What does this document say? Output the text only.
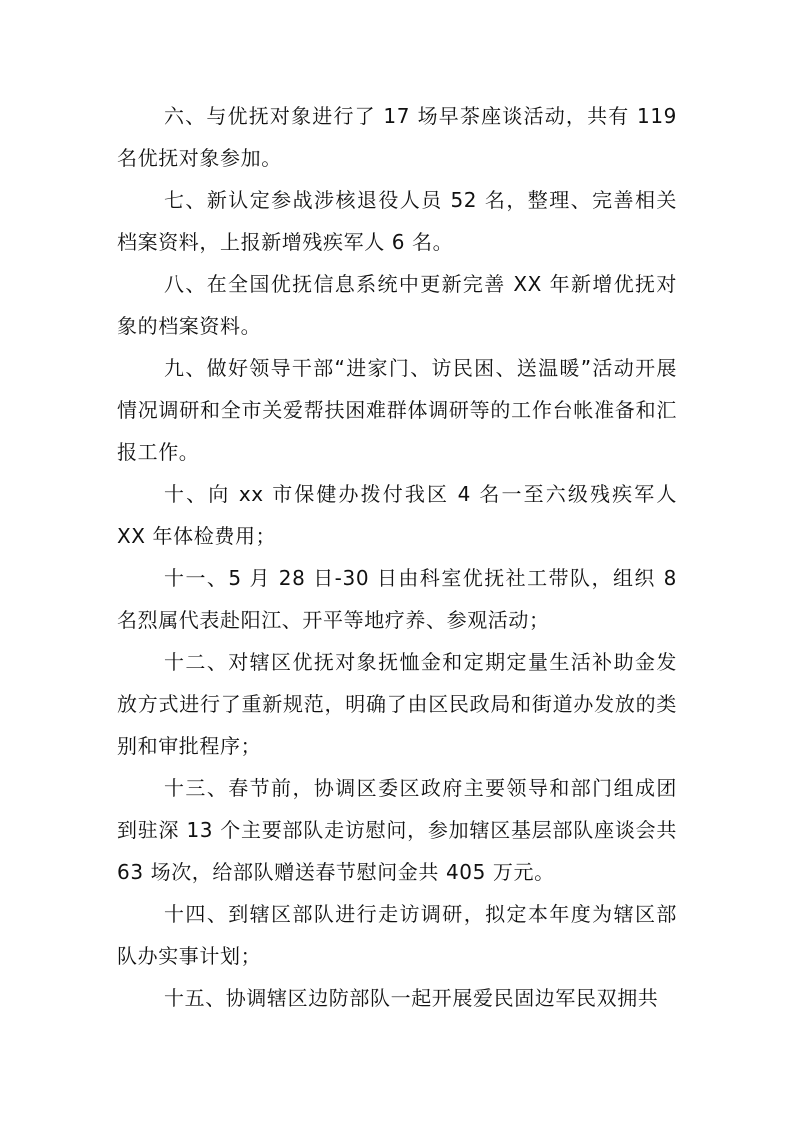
六、与优抚对象进行了 17 场早茶座谈活动，共有 119 名优抚对象参加。

七、新认定参战涉核退役人员 52 名，整理、完善相关档案资料，上报新增残疾军人 6 名。

八、在全国优抚信息系统中更新完善 XX 年新增优抚对象的档案资料。

九、做好领导干部“进家门、访民困、送温暖”活动开展情况调研和全市关爱帮扶困难群体调研等的工作台帐准备和汇报工作。

十、向 xx 市保健办拨付我区 4 名一至六级残疾军人 XX 年体检费用；

十一、5 月 28 日-30 日由科室优抚社工带队，组织 8 名烈属代表赴阳江、开平等地疗养、参观活动；

十二、对辖区优抚对象抚恤金和定期定量生活补助金发放方式进行了重新规范，明确了由区民政局和街道办发放的类别和审批程序；

十三、春节前，协调区委区政府主要领导和部门组成团到驻深 13 个主要部队走访慰问，参加辖区基层部队座谈会共 63 场次，给部队赠送春节慰问金共 405 万元。

十四、到辖区部队进行走访调研，拟定本年度为辖区部队办实事计划；

十五、协调辖区边防部队一起开展爱民固边军民双拥共
